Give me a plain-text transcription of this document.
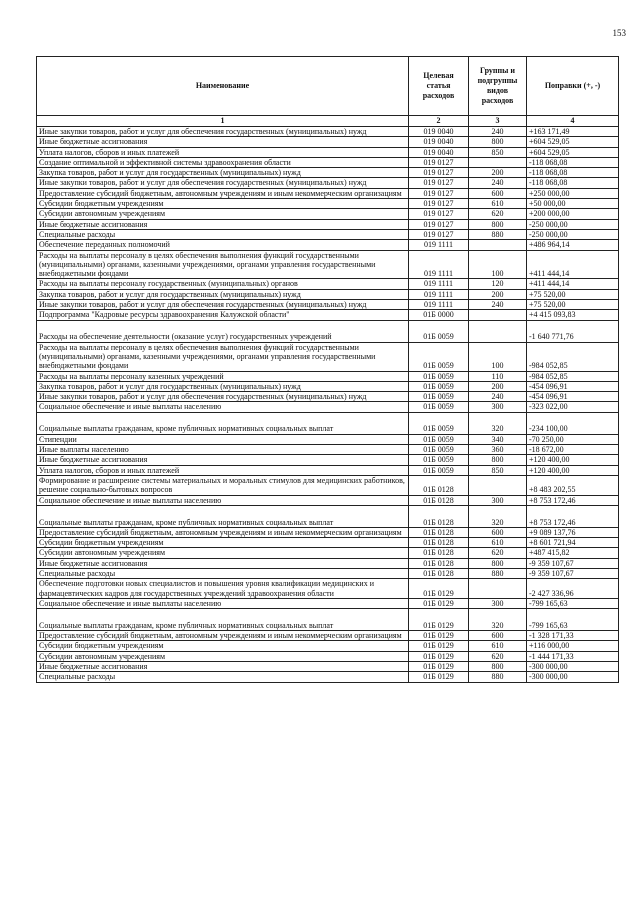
153
Наименование	Целевая статья расходов	Группы и подгруппы видов расходов	Поправки (+, -)
1	2	3	4
Иные закупки товаров, работ и услуг для обеспечения государственных (муниципальных) нужд	019 0040	240	+163 171,49
Иные бюджетные ассигнования	019 0040	800	+604 529,05
Уплата налогов, сборов и иных платежей	019 0040	850	+604 529,05
Создание оптимальной и эффективной системы здравоохранения области	019 0127		-118 068,08
Закупка товаров, работ и услуг для государственных (муниципальных) нужд	019 0127	200	-118 068,08
Иные закупки товаров, работ и услуг для обеспечения государственных (муниципальных) нужд	019 0127	240	-118 068,08
Предоставление субсидий бюджетным, автономным учреждениям и иным некоммерческим организациям	019 0127	600	+250 000,00
Субсидии бюджетным учреждениям	019 0127	610	+50 000,00
Субсидии автономным учреждениям	019 0127	620	+200 000,00
Иные бюджетные ассигнования	019 0127	800	-250 000,00
Специальные расходы	019 0127	880	-250 000,00
Обеспечение переданных полномочий	019 1111		+486 964,14
Расходы на выплаты персоналу в целях обеспечения выполнения функций государственными (муниципальными) органами, казенными учреждениями, органами управления государственными внебюджетными фондами	019 1111	100	+411 444,14
Расходы на выплаты персоналу государственных (муниципальных) органов	019 1111	120	+411 444,14
Закупка товаров, работ и услуг для государственных (муниципальных) нужд	019 1111	200	+75 520,00
Иные закупки товаров, работ и услуг для обеспечения государственных (муниципальных) нужд	019 1111	240	+75 520,00
Подпрограмма "Кадровые ресурсы здравоохранения Калужской области"	01Б 0000		+4 415 093,83
Расходы на обеспечение деятельности (оказание услуг) государственных учреждений	01Б 0059		-1 640 771,76
Расходы на выплаты персоналу в целях обеспечения выполнения функций государственными (муниципальными) органами, казенными учреждениями, органами управления государственными внебюджетными фондами	01Б 0059	100	-984 052,85
Расходы на выплаты персоналу казенных учреждений	01Б 0059	110	-984 052,85
Закупка товаров, работ и услуг для государственных (муниципальных) нужд	01Б 0059	200	-454 096,91
Иные закупки товаров, работ и услуг для обеспечения государственных (муниципальных) нужд	01Б 0059	240	-454 096,91
Социальное обеспечение и иные выплаты населению	01Б 0059	300	-323 022,00
Социальные выплаты гражданам, кроме публичных нормативных социальных выплат	01Б 0059	320	-234 100,00
Стипендии	01Б 0059	340	-70 250,00
Иные выплаты населению	01Б 0059	360	-18 672,00
Иные бюджетные ассигнования	01Б 0059	800	+120 400,00
Уплата налогов, сборов и иных платежей	01Б 0059	850	+120 400,00
Формирование и расширение системы материальных и моральных стимулов для медицинских работников, решение социально-бытовых вопросов	01Б 0128		+8 483 202,55
Социальное обеспечение и иные выплаты населению	01Б 0128	300	+8 753 172,46
Социальные выплаты гражданам, кроме публичных нормативных социальных выплат	01Б 0128	320	+8 753 172,46
Предоставление субсидий бюджетным, автономным учреждениям и иным некоммерческим организациям	01Б 0128	600	+9 089 137,76
Субсидии бюджетным учреждениям	01Б 0128	610	+8 601 721,94
Субсидии автономным учреждениям	01Б 0128	620	+487 415,82
Иные бюджетные ассигнования	01Б 0128	800	-9 359 107,67
Специальные расходы	01Б 0128	880	-9 359 107,67
Обеспечение подготовки новых специалистов и повышения уровня квалификации медицинских и фармацевтических кадров для государственных учреждений здравоохранения области	01Б 0129		-2 427 336,96
Социальное обеспечение и иные выплаты населению	01Б 0129	300	-799 165,63
Социальные выплаты гражданам, кроме публичных нормативных социальных выплат	01Б 0129	320	-799 165,63
Предоставление субсидий бюджетным, автономным учреждениям и иным некоммерческим организациям	01Б 0129	600	-1 328 171,33
Субсидии бюджетным учреждениям	01Б 0129	610	+116 000,00
Субсидии автономным учреждениям	01Б 0129	620	-1 444 171,33
Иные бюджетные ассигнования	01Б 0129	800	-300 000,00
Специальные расходы	01Б 0129	880	-300 000,00
